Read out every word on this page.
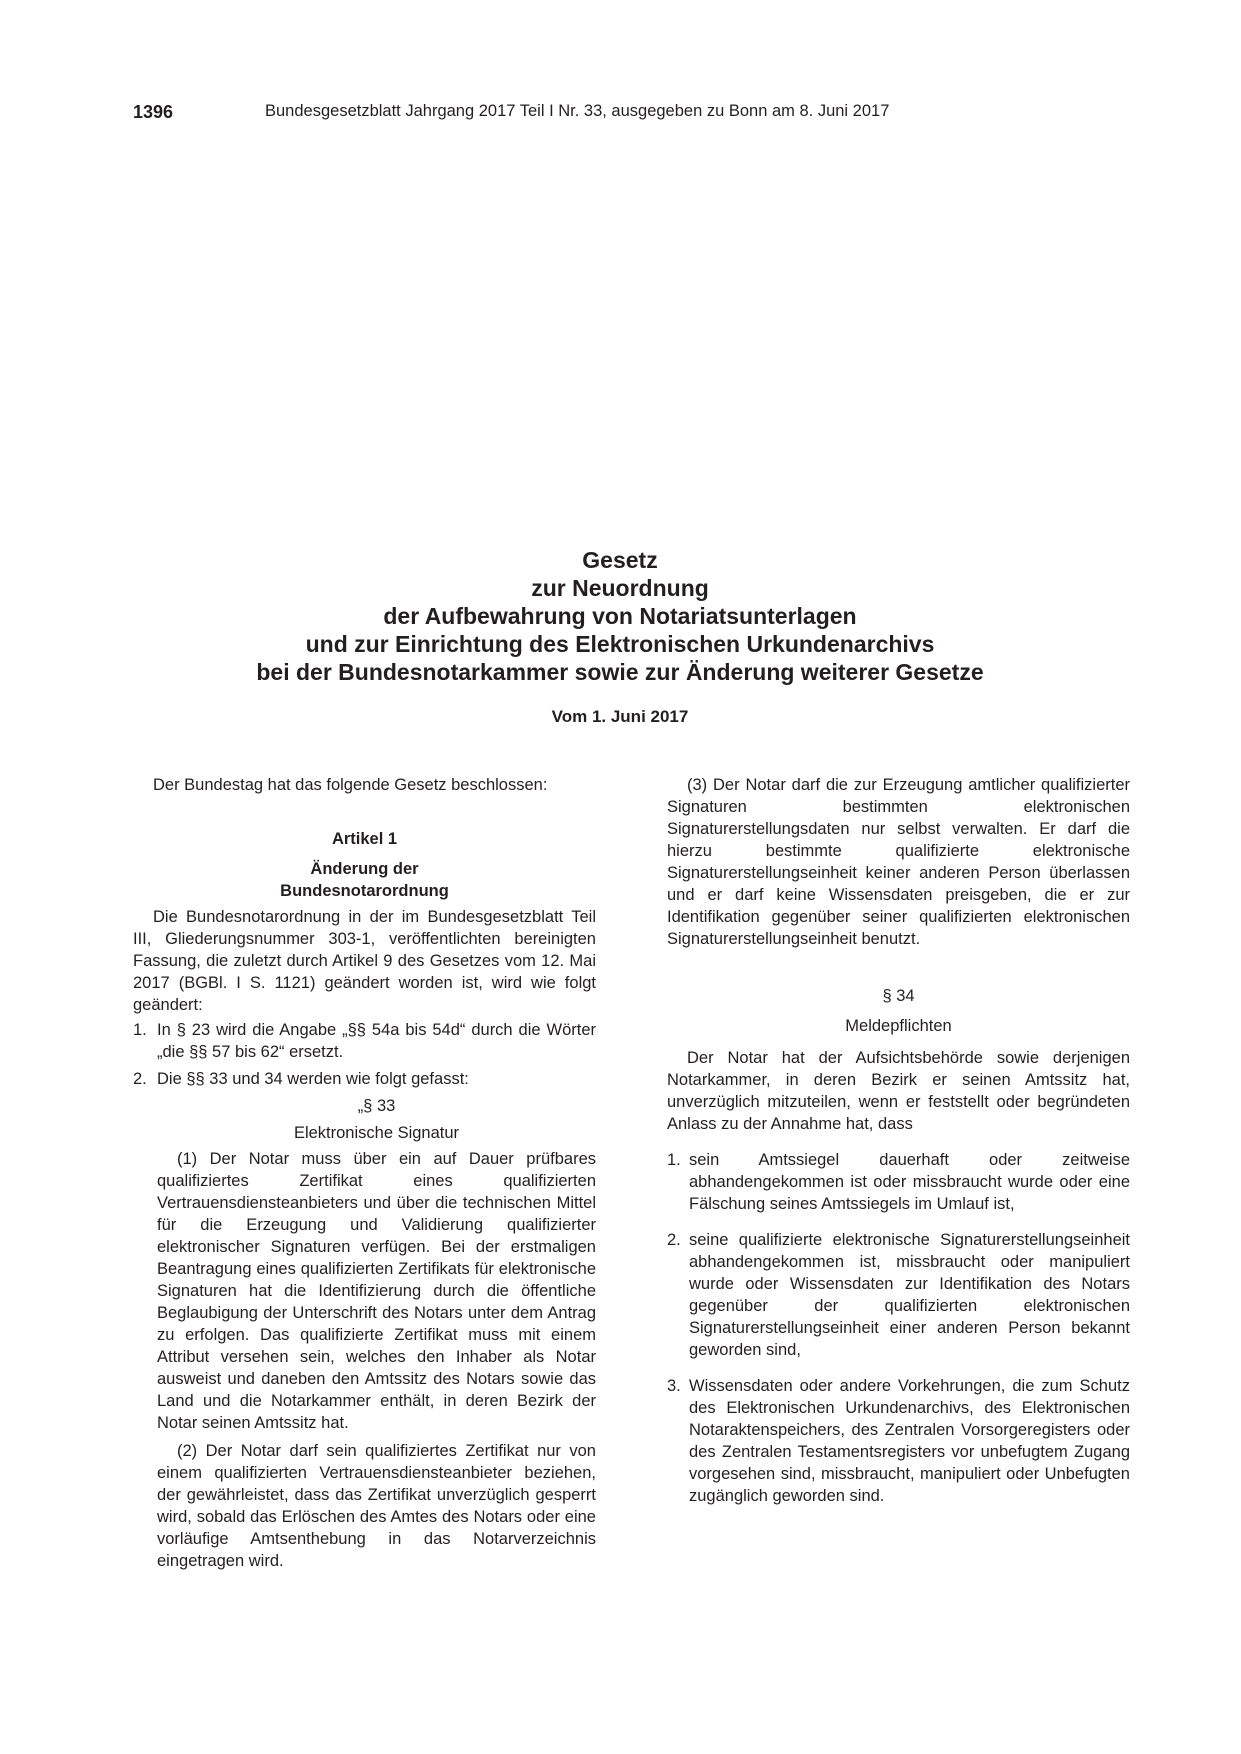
1396	Bundesgesetzblatt Jahrgang 2017 Teil I Nr. 33, ausgegeben zu Bonn am 8. Juni 2017
Gesetz
zur Neuordnung
der Aufbewahrung von Notariatsunterlagen
und zur Einrichtung des Elektronischen Urkundenarchivs
bei der Bundesnotarkammer sowie zur Änderung weiterer Gesetze
Vom 1. Juni 2017

Der Bundestag hat das folgende Gesetz beschlossen:

Artikel 1

Änderung der

Bundesnotarordnung

Die Bundesnotarordnung in der im Bundesgesetzblatt Teil III, Gliederungsnummer 303-1, veröffentlichten bereinigten Fassung, die zuletzt durch Artikel 9 des Gesetzes vom 12. Mai 2017 (BGBl. I S. 1121) geändert worden ist, wird wie folgt geändert:

1. In § 23 wird die Angabe „§§ 54a bis 54d“ durch die Wörter „die §§ 57 bis 62“ ersetzt.

2. Die §§ 33 und 34 werden wie folgt gefasst:

„§ 33

Elektronische Signatur

(1) Der Notar muss über ein auf Dauer prüfbares qualifiziertes Zertifikat eines qualifizierten Vertrauensdiensteanbieters und über die technischen Mittel für die Erzeugung und Validierung qualifizierter elektronischer Signaturen verfügen. Bei der erstmaligen Beantragung eines qualifizierten Zertifikats für elektronische Signaturen hat die Identifizierung durch die öffentliche Beglaubigung der Unterschrift des Notars unter dem Antrag zu erfolgen. Das qualifizierte Zertifikat muss mit einem Attribut versehen sein, welches den Inhaber als Notar ausweist und daneben den Amtssitz des Notars sowie das Land und die Notarkammer enthält, in deren Bezirk der Notar seinen Amtssitz hat.

(2) Der Notar darf sein qualifiziertes Zertifikat nur von einem qualifizierten Vertrauensdiensteanbieter beziehen, der gewährleistet, dass das Zertifikat unverzüglich gesperrt wird, sobald das Erlöschen des Amtes des Notars oder eine vorläufige Amtsenthebung in das Notarverzeichnis eingetragen wird.

(3) Der Notar darf die zur Erzeugung amtlicher qualifizierter Signaturen bestimmten elektronischen Signaturerstellungsdaten nur selbst verwalten. Er darf die hierzu bestimmte qualifizierte elektronische Signaturerstellungseinheit keiner anderen Person überlassen und er darf keine Wissensdaten preisgeben, die er zur Identifikation gegenüber seiner qualifizierten elektronischen Signaturerstellungseinheit benutzt.

§ 34

Meldepflichten

Der Notar hat der Aufsichtsbehörde sowie derjenigen Notarkammer, in deren Bezirk er seinen Amtssitz hat, unverzüglich mitzuteilen, wenn er feststellt oder begründeten Anlass zu der Annahme hat, dass

1. sein Amtssiegel dauerhaft oder zeitweise abhandengekommen ist oder missbraucht wurde oder eine Fälschung seines Amtssiegels im Umlauf ist,

2. seine qualifizierte elektronische Signaturerstellungseinheit abhandengekommen ist, missbraucht oder manipuliert wurde oder Wissensdaten zur Identifikation des Notars gegenüber der qualifizierten elektronischen Signaturerstellungseinheit einer anderen Person bekannt geworden sind,

3. Wissensdaten oder andere Vorkehrungen, die zum Schutz des Elektronischen Urkundenarchivs, des Elektronischen Notaraktenspeichers, des Zentralen Vorsorgeregisters oder des Zentralen Testamentsregisters vor unbefugtem Zugang vorgesehen sind, missbraucht, manipuliert oder Unbefugten zugänglich geworden sind.
